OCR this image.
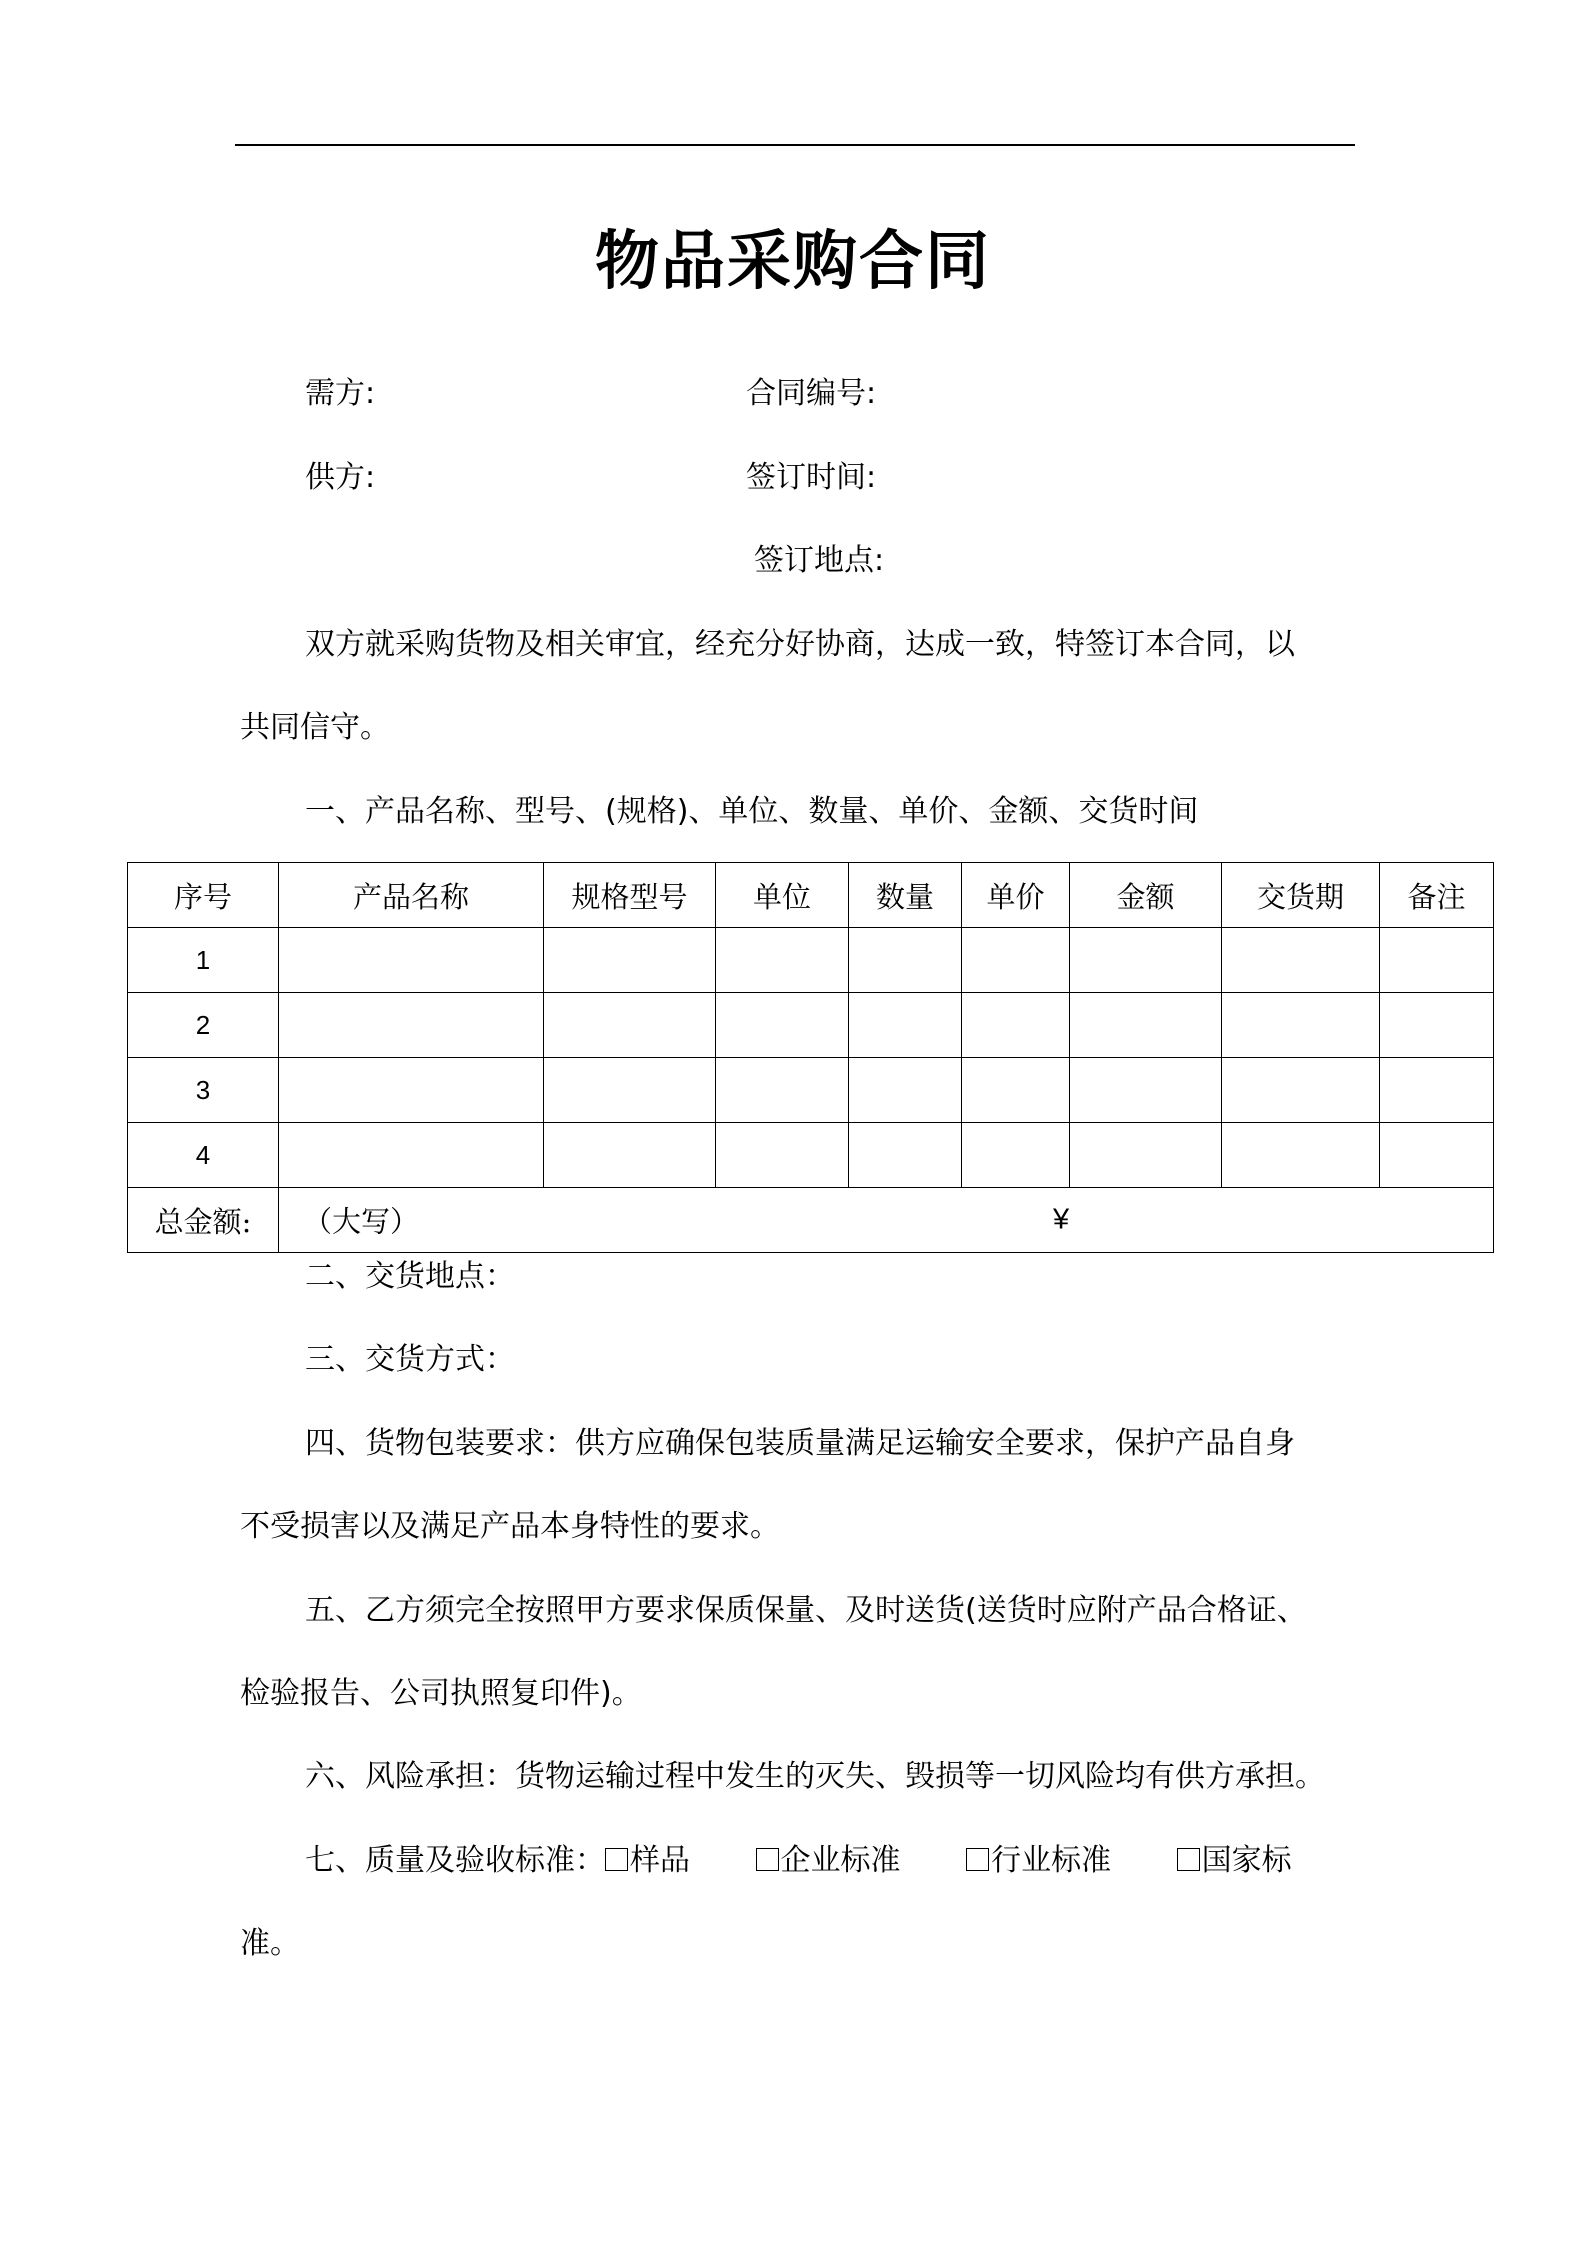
物品采购合同
需方:	合同编号:
供方:	签订时间:
签订地点:
双方就采购货物及相关审宜，经充分好协商，达成一致，特签订本合同，以
共同信守。
一、产品名称、型号、(规格)、单位、数量、单价、金额、交货时间
序号	产品名称	规格型号	单位	数量	单价	金额	交货期	备注
1								
2								
3								
4								
总金额:	（大写） ¥							
二、交货地点：
三、交货方式：
四、货物包装要求：供方应确保包装质量满足运输安全要求，保护产品自身
不受损害以及满足产品本身特性的要求。
五、乙方须完全按照甲方要求保质保量、及时送货(送货时应附产品合格证、
检验报告、公司执照复印件)。
六、风险承担：货物运输过程中发生的灭失、毁损等一切风险均有供方承担。
七、质量及验收标准： 样品	企业标准	行业标准	国家标
准。
